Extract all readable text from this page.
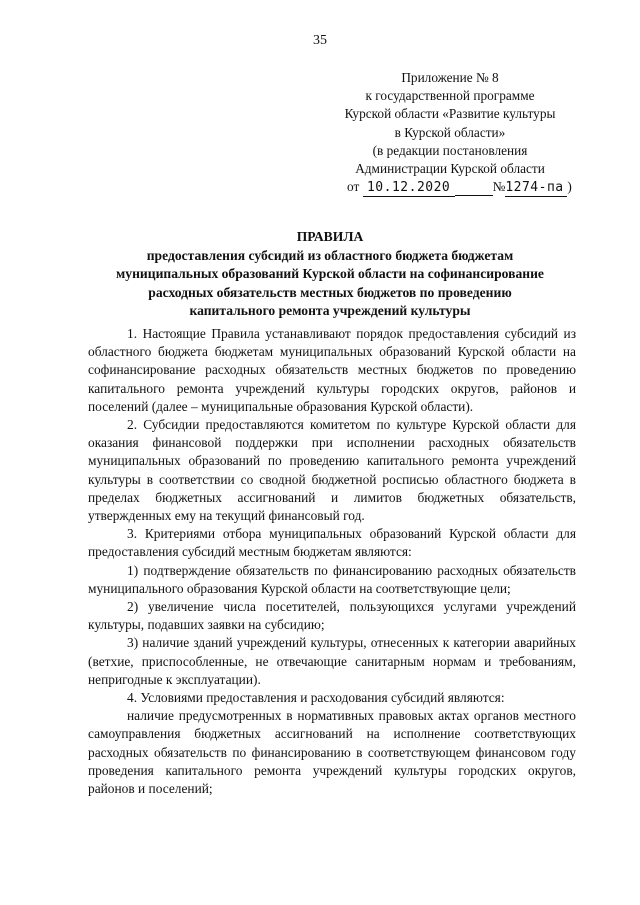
35
Приложение № 8
к государственной программе
Курской области «Развитие культуры
в Курской области»
(в редакции постановления
Администрации Курской области
от 10.12.2020	№1274-па )
ПРАВИЛА
предоставления субсидий из областного бюджета бюджетам
муниципальных образований Курской области на софинансирование
расходных обязательств местных бюджетов по проведению
капитального ремонта учреждений культуры

1. Настоящие Правила устанавливают порядок предоставления субсидий из областного бюджета бюджетам муниципальных образований Курской области на софинансирование расходных обязательств местных бюджетов по проведению капитального ремонта учреждений культуры городских округов, районов и поселений (далее – муниципальные образования Курской области).

2. Субсидии предоставляются комитетом по культуре Курской области для оказания финансовой поддержки при исполнении расходных обязательств муниципальных образований по проведению капитального ремонта учреждений культуры в соответствии со сводной бюджетной росписью областного бюджета в пределах бюджетных ассигнований и лимитов бюджетных обязательств, утвержденных ему на текущий финансовый год.

3. Критериями отбора муниципальных образований Курской области для предоставления субсидий местным бюджетам являются:

1) подтверждение обязательств по финансированию расходных обязательств муниципального образования Курской области на соответствующие цели;

2) увеличение числа посетителей, пользующихся услугами учреждений культуры, подавших заявки на субсидию;

3) наличие зданий учреждений культуры, отнесенных к категории аварийных (ветхие, приспособленные, не отвечающие санитарным нормам и требованиям, непригодные к эксплуатации).

4. Условиями предоставления и расходования субсидий являются:

наличие предусмотренных в нормативных правовых актах органов местного самоуправления бюджетных ассигнований на исполнение соответствующих расходных обязательств по финансированию в соответствующем финансовом году проведения капитального ремонта учреждений культуры городских округов, районов и поселений;
